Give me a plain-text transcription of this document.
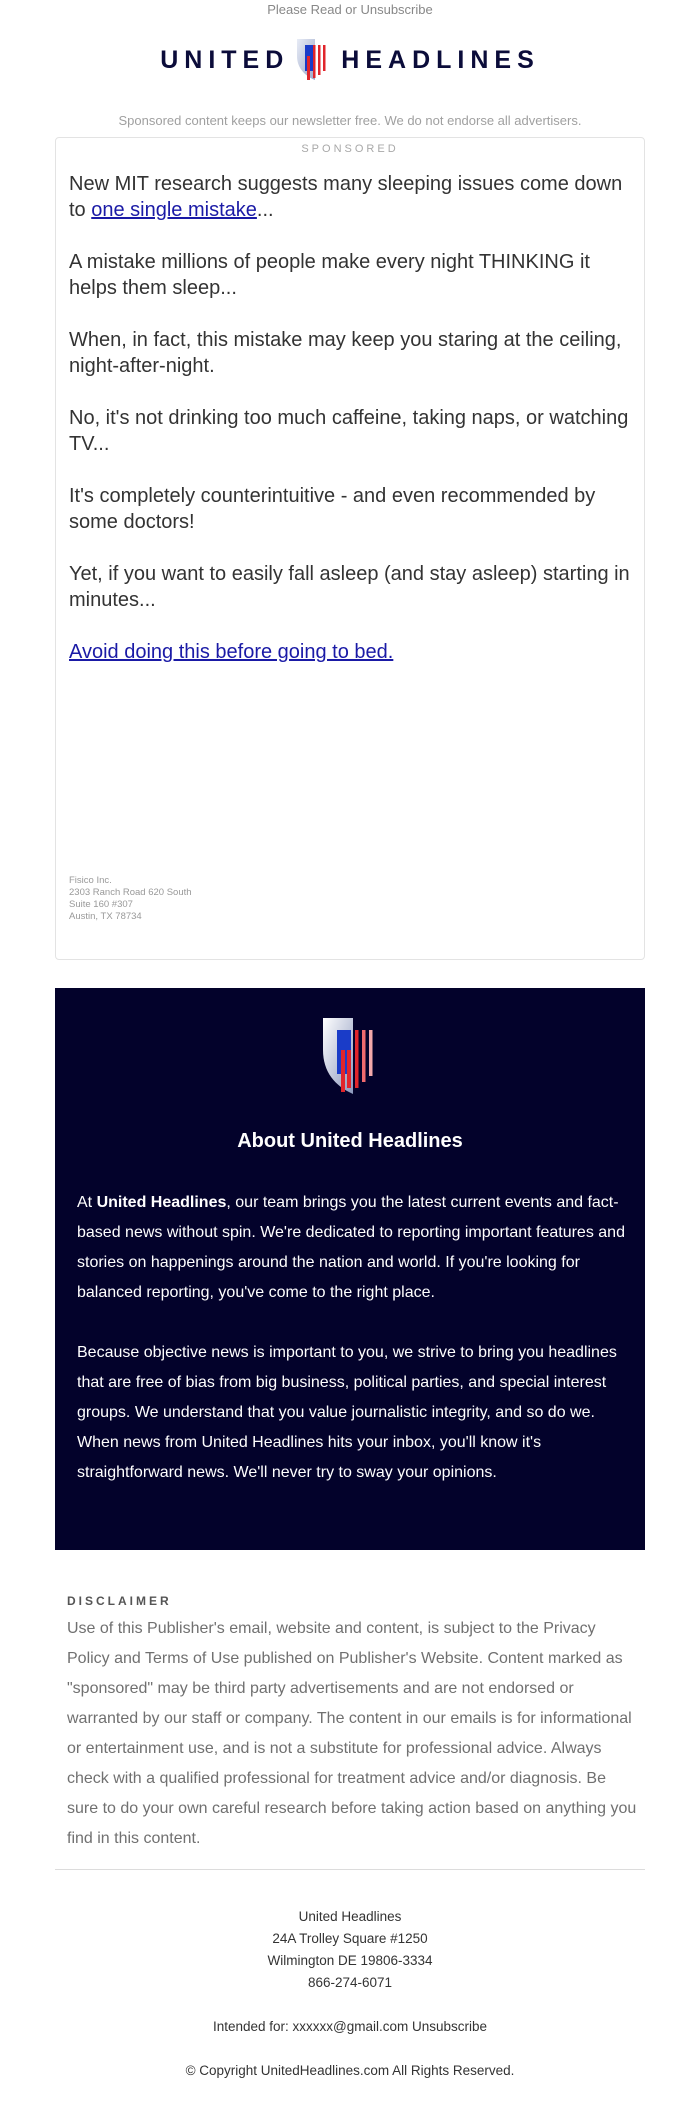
Please Read or Unsubscribe
UNITED HEADLINES
Sponsored content keeps our newsletter free. We do not endorse all advertisers.
SPONSORED

New MIT research suggests many sleeping issues come down to one single mistake...

A mistake millions of people make every night THINKING it helps them sleep...

When, in fact, this mistake may keep you staring at the ceiling, night-after-night.

No, it's not drinking too much caffeine, taking naps, or watching TV...

It's completely counterintuitive - and even recommended by some doctors!

Yet, if you want to easily fall asleep (and stay asleep) starting in minutes...

Avoid doing this before going to bed.

Fisico Inc.
2303 Ranch Road 620 South
Suite 160 #307
Austin, TX 78734
About United Headlines

At United Headlines, our team brings you the latest current events and fact-based news without spin. We're dedicated to reporting important features and stories on happenings around the nation and world. If you're looking for balanced reporting, you've come to the right place.

Because objective news is important to you, we strive to bring you headlines that are free of bias from big business, political parties, and special interest groups. We understand that you value journalistic integrity, and so do we. When news from United Headlines hits your inbox, you'll know it's straightforward news. We'll never try to sway your opinions.

DISCLAIMER
Use of this Publisher's email, website and content, is subject to the Privacy Policy and Terms of Use published on Publisher's Website. Content marked as "sponsored" may be third party advertisements and are not endorsed or warranted by our staff or company. The content in our emails is for informational or entertainment use, and is not a substitute for professional advice. Always check with a qualified professional for treatment advice and/or diagnosis. Be sure to do your own careful research before taking action based on anything you find in this content.
United Headlines
24A Trolley Square #1250
Wilmington DE 19806-3334
866-274-6071
Intended for: xxxxxx@gmail.com Unsubscribe
© Copyright UnitedHeadlines.com All Rights Reserved.
